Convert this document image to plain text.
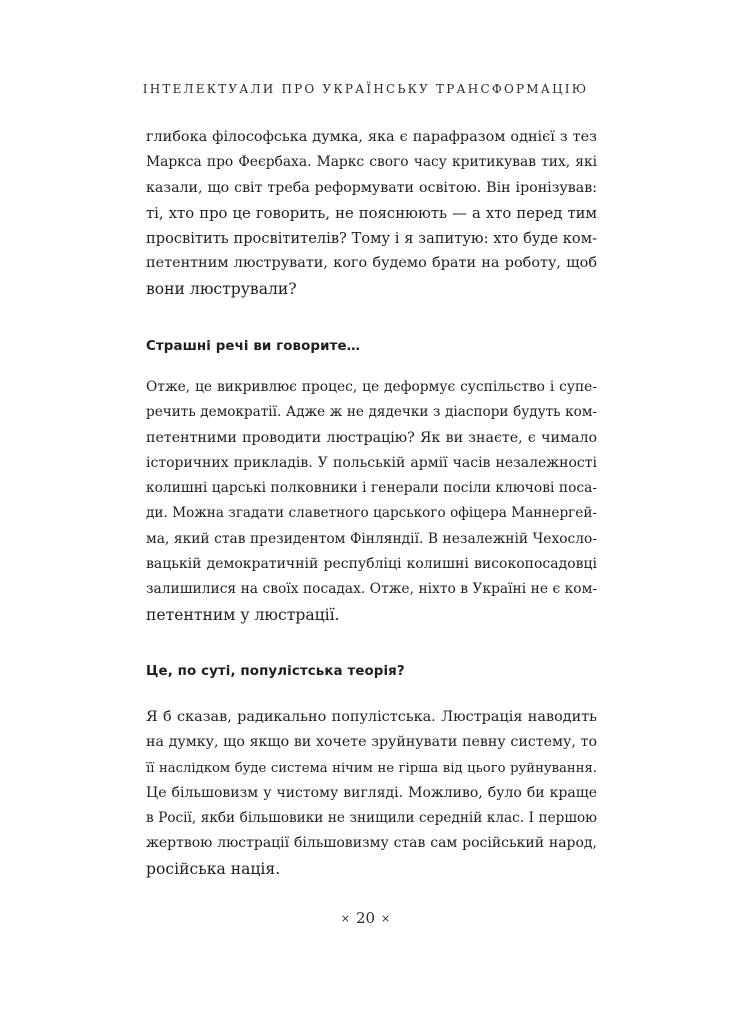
ІНТЕЛЕКТУАЛИ ПРО УКРАЇНСЬКУ ТРАНСФОРМАЦІЮ
глибока філософська думка, яка є парафразом однієї з тез
Маркса про Феєрбаха. Маркс свого часу критикував тих, які
казали, що світ треба реформувати освітою. Він іронізував:
ті, хто про це говорить, не пояснюють — а хто перед тим
просвітить просвітителів? Тому і я запитую: хто буде ком-
петентним люструвати, кого будемо брати на роботу, щоб
вони люстрували?
Страшні речі ви говорите…
Отже, це викривлює процес, це деформує суспільство і супе-
речить демократії. Адже ж не дядечки з діаспори будуть ком-
петентними проводити люстрацію? Як ви знаєте, є чимало
історичних прикладів. У польській армії часів незалежності
колишні царські полковники і генерали посіли ключові поса-
ди. Можна згадати славетного царського офіцера Маннергей-
ма, який став президентом Фінляндії. В незалежній Чехосло-
вацькій демократичній республіці колишні високопосадовці
залишилися на своїх посадах. Отже, ніхто в Україні не є ком-
петентним у люстрації.
Це, по суті, популістська теорія?
Я б сказав, радикально популістська. Люстрація наводить
на думку, що якщо ви хочете зруйнувати певну систему, то
її наслідком буде система нічим не гірша від цього руйнування.
Це більшовизм у чистому вигляді. Можливо, було би краще
в Росії, якби більшовики не знищили середній клас. І першою
жертвою люстрації більшовизму став сам російський народ,
російська нація.
× 20 ×
